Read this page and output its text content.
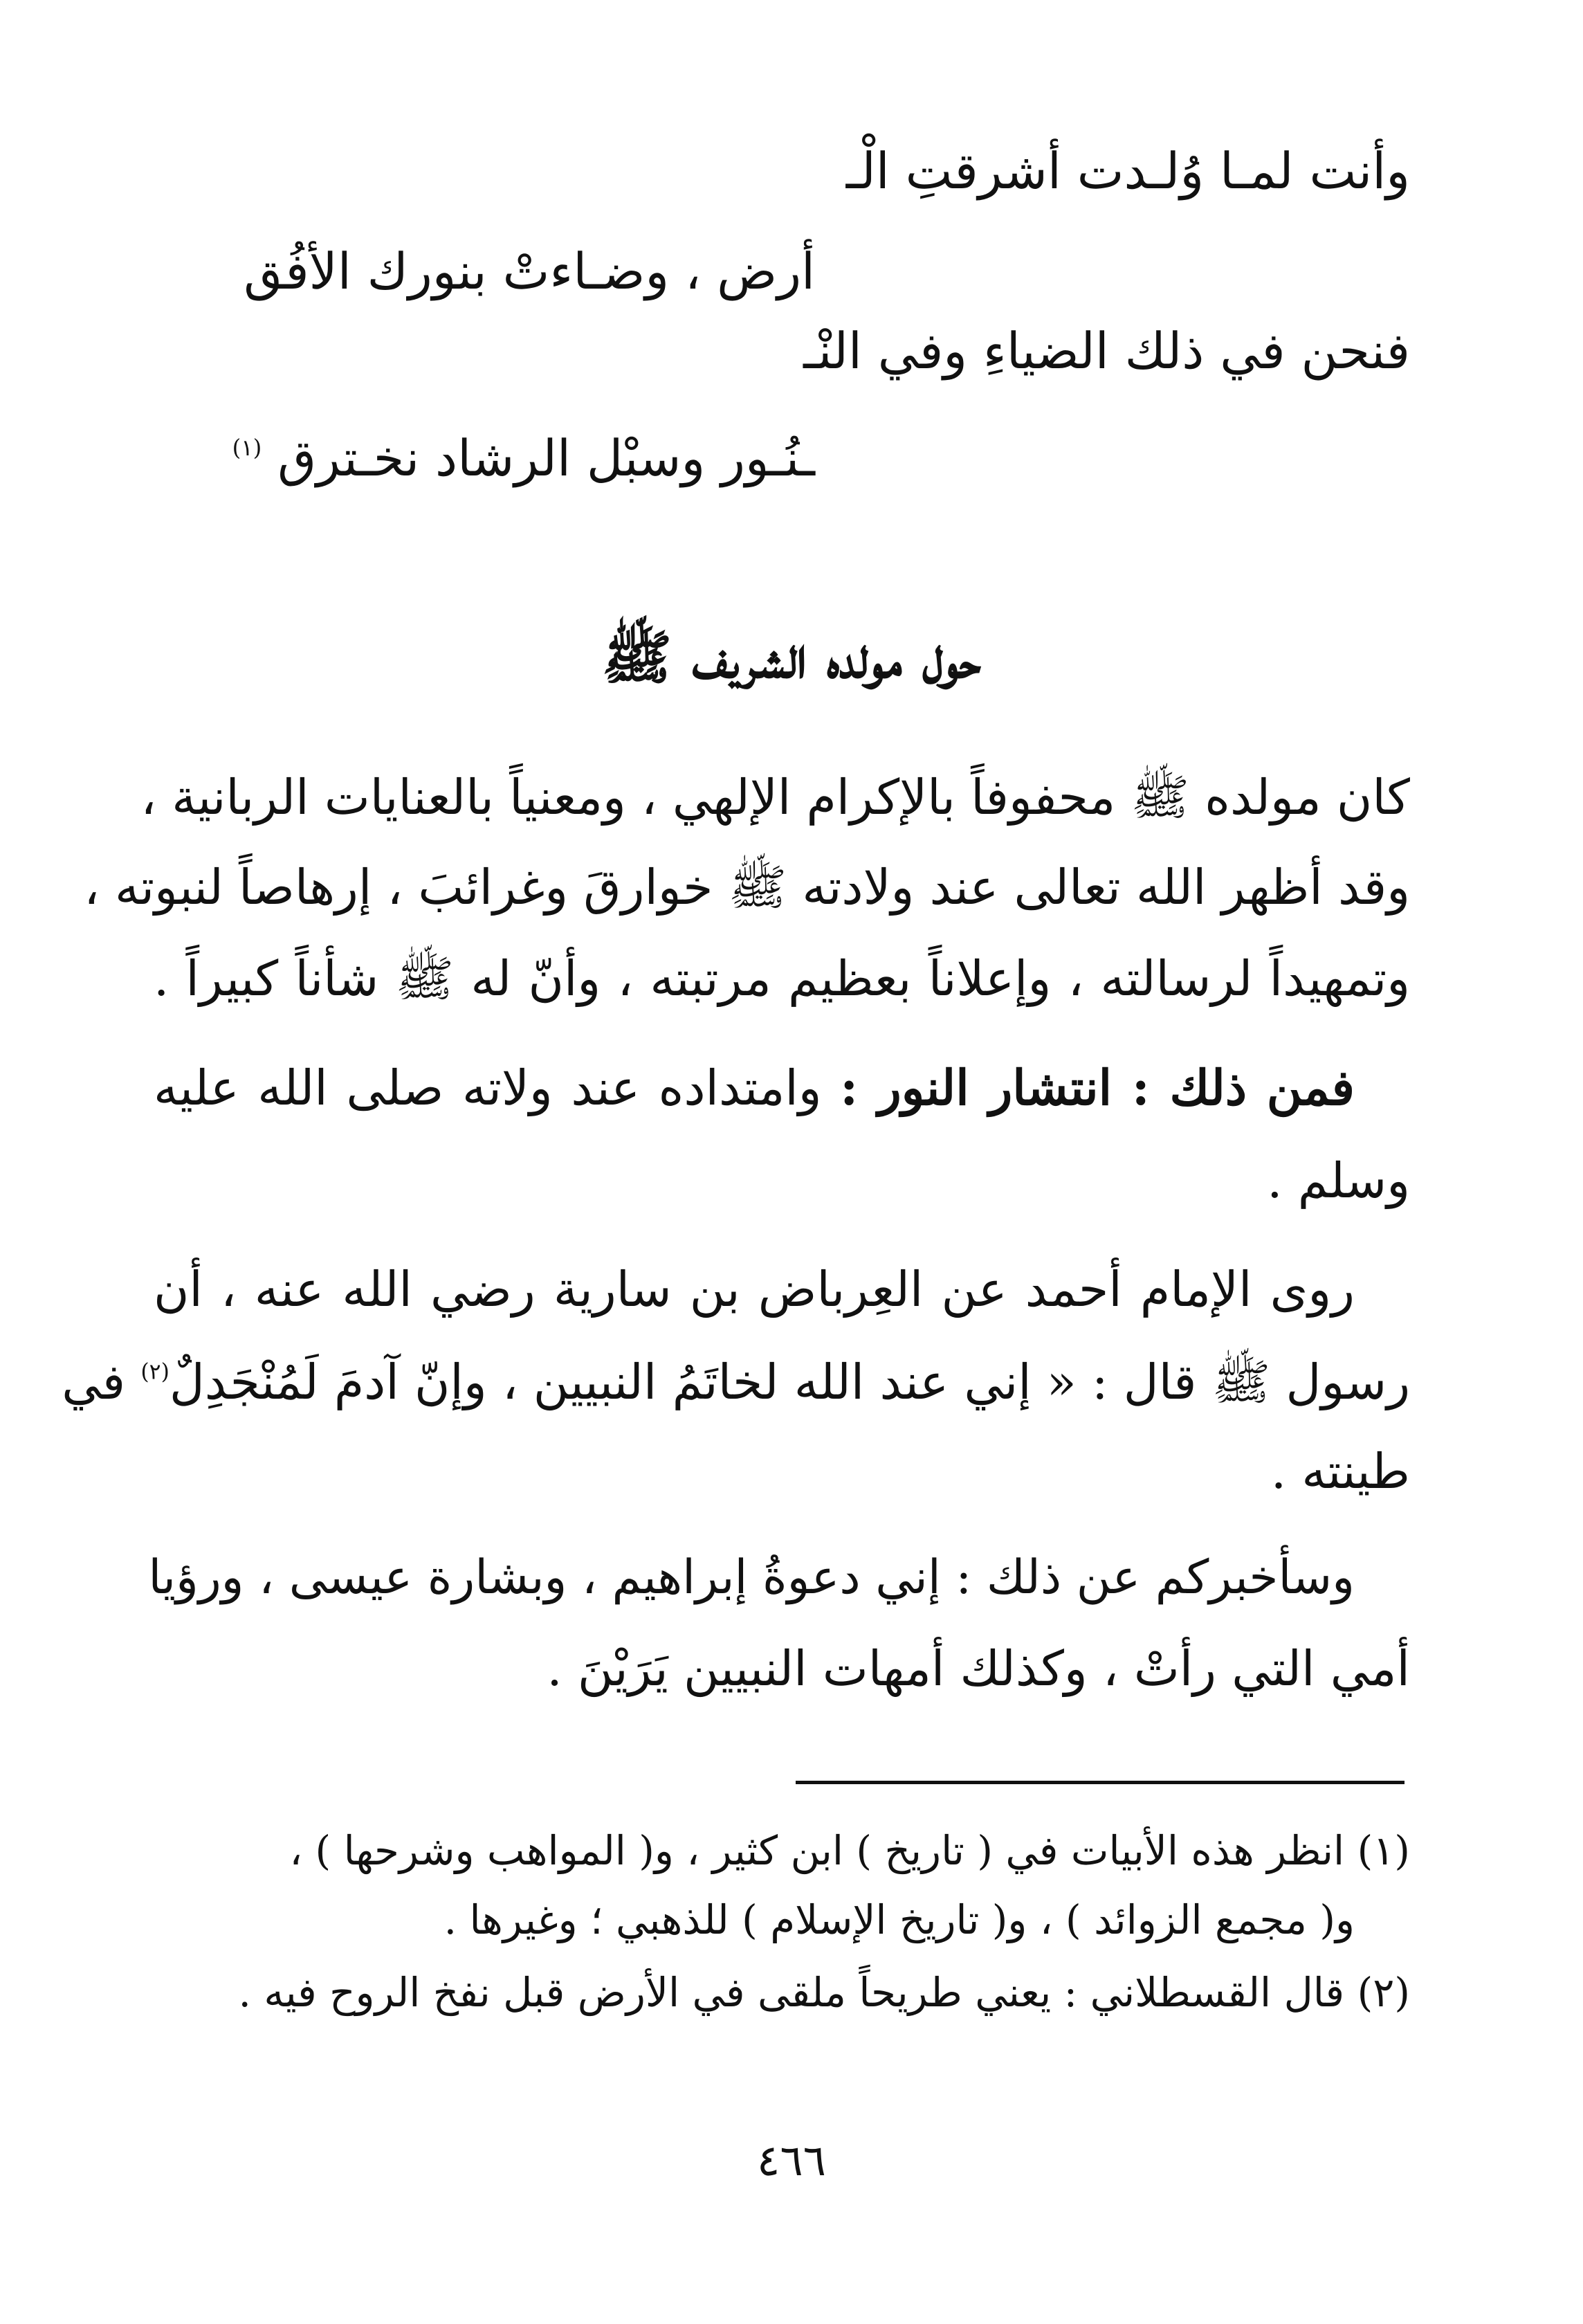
وأنت لمـا وُلـدت أشرقتِ الْـ
أرض ، وضـاءتْ بنورك الأفُق
فنحن في ذلك الضياءِ وفي النْـ
ـنُـور وسبْل الرشاد نخـترق $^{(١)}$
حول مولده الشريف ﷺ
كان مولده ﷺ محفوفاً بالإكرام الإلهي ، ومعنياً بالعنايات الربانية ،
وقد أظهر الله تعالى عند ولادته ﷺ خوارقَ وغرائبَ ، إرهاصاً لنبوته ،
وتمهيداً لرسالته ، وإعلاناً بعظيم مرتبته ، وأنّ له ﷺ شأناً كبيراً .
فمن ذلك : انتشار النور : وامتداده عند ولاته صلى الله عليه
وسلم .
روى الإمام أحمد عن العِرباض بن سارية رضي الله عنه ، أن
رسول ﷺ قال : « إني عند الله لخاتَمُ النبيين ، وإنّ آدمَ لَمُنْجَدِلٌ$^{(٢)}$ في
طينته .
وسأخبركم عن ذلك : إني دعوةُ إبراهيم ، وبشارة عيسى ، ورؤيا
أمي التي رأتْ ، وكذلك أمهات النبيين يَرَيْنَ .
(١) انظر هذه الأبيات في ( تاريخ ) ابن كثير ، و( المواهب وشرحها ) ،
و( مجمع الزوائد ) ، و( تاريخ الإسلام ) للذهبي ؛ وغيرها .
(٢) قال القسطلاني : يعني طريحاً ملقى في الأرض قبل نفخ الروح فيه .
٤٦٦
